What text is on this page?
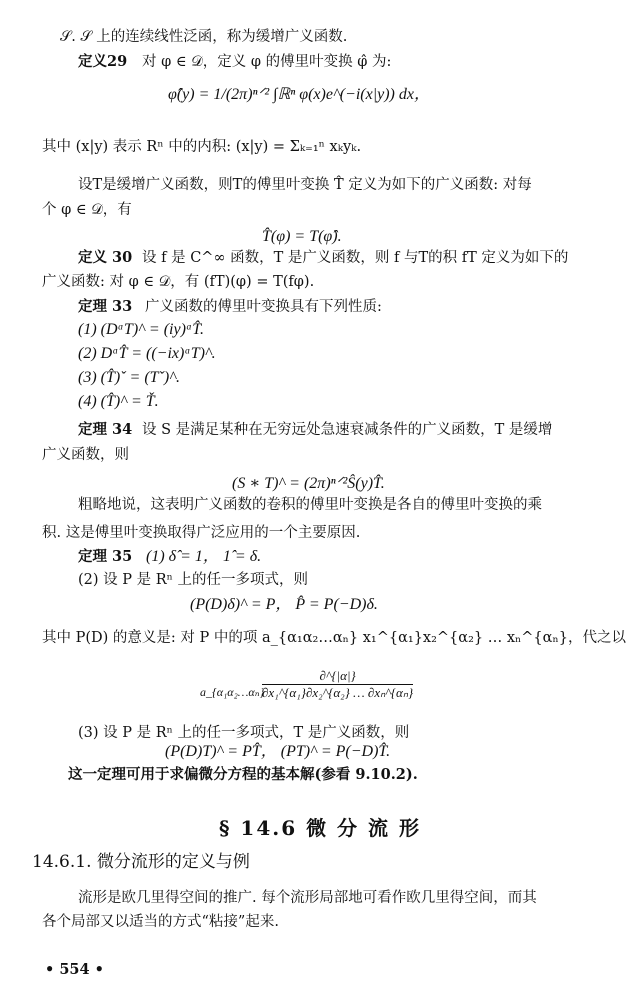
𝒮. 𝒮 上的连续线性泛函，称为缓增广义函数.
定义29 对 φ ∈ 𝒟，定义 φ 的傅里叶变换 φ̂ 为:
φ̂(y) = 1/(2π)ⁿᐟ² ∫ℝⁿ φ(x)e^(−i(x|y)) dx，
其中 (x|y) 表示 Rⁿ 中的内积: (x|y) = Σₖ₌₁ⁿ xₖyₖ.
设T是缓增广义函数，则T的傅里叶变换 T̂ 定义为如下的广义函数: 对每
个 φ ∈ 𝒟，有
T̂(φ) = T(φ̂).
定义 30 设 f 是 C^∞ 函数，T 是广义函数，则 f 与T的积 fT 定义为如下的
广义函数: 对 φ ∈ 𝒟，有 (fT)(φ) = T(fφ).
定理 33 广义函数的傅里叶变换具有下列性质:
(1) (DᵅT)^ = (iy)ᵅT̂.
(2) DᵅT̂ = ((−ix)ᵅT)^.
(3) (T̂)ˇ = (Tˇ)^.
(4) (T̂)^ = Ť.
定理 34 设 S 是满足某种在无穷远处急速衰减条件的广义函数，T 是缓增
广义函数，则
(S ∗ T)^ = (2π)ⁿᐟ²Ŝ(y)T̂.
粗略地说，这表明广义函数的卷积的傅里叶变换是各自的傅里叶变换的乘
积. 这是傅里叶变换取得广泛应用的一个主要原因.
定理 35 (1) δ̂ = 1， 1̂ = δ.
(2) 设 P 是 Rⁿ 上的任一多项式，则
(P(D)δ)^ = P， P̂ = P(−D)δ.
其中 P(D) 的意义是: 对 P 中的项 a_{α₁α₂…αₙ} x₁^{α₁}x₂^{α₂} … xₙ^{αₙ}，代之以
a_{α₁α₂…αₙ}
∂^{|α|}
∂x₁^{α₁}∂x₂^{α₂} … ∂xₙ^{αₙ}
(3) 设 P 是 Rⁿ 上的任一多项式，T 是广义函数，则
(P(D)T)^ = PT̂， (PT)^ = P(−D)T̂.
这一定理可用于求偏微分方程的基本解(参看 9.10.2).
§ 14.6 微 分 流 形
14.6.1. 微分流形的定义与例
流形是欧几里得空间的推广. 每个流形局部地可看作欧几里得空间，而其
各个局部又以适当的方式“粘接”起来.
• 554 •
